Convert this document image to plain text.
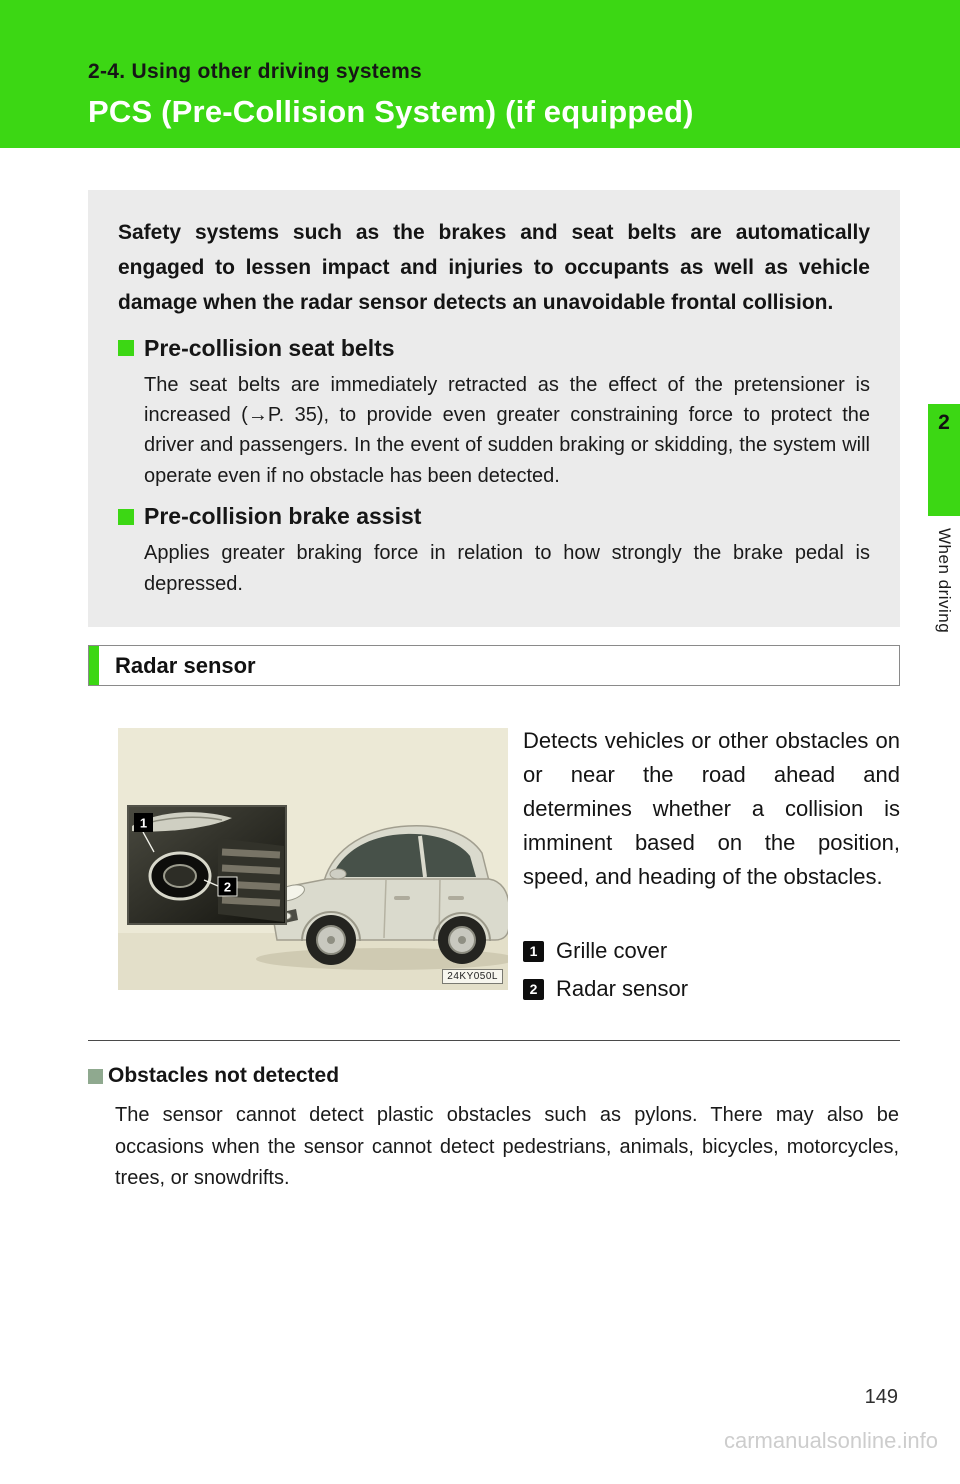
2-4. Using other driving systems
PCS (Pre-Collision System) (if equipped)

Safety systems such as the brakes and seat belts are automatically engaged to lessen impact and injuries to occupants as well as vehicle damage when the radar sensor detects an unavoidable frontal collision.

Pre-collision seat belts

The seat belts are immediately retracted as the effect of the pretensioner is increased (→P. 35), to provide even greater constraining force to protect the driver and passengers. In the event of sudden braking or skidding, the system will operate even if no obstacle has been detected.

Pre-collision brake assist

Applies greater braking force in relation to how strongly the brake pedal is depressed.

2
When driving
Radar sensor
1
2
24KY050L

Detects vehicles or other obstacles on or near the road ahead and determines whether a collision is imminent based on the position, speed, and heading of the obstacles.

1 Grille cover
2 Radar sensor
Obstacles not detected

The sensor cannot detect plastic obstacles such as pylons. There may also be occasions when the sensor cannot detect pedestrians, animals, bicycles, motorcycles, trees, or snowdrifts.

149
carmanualsonline.info
